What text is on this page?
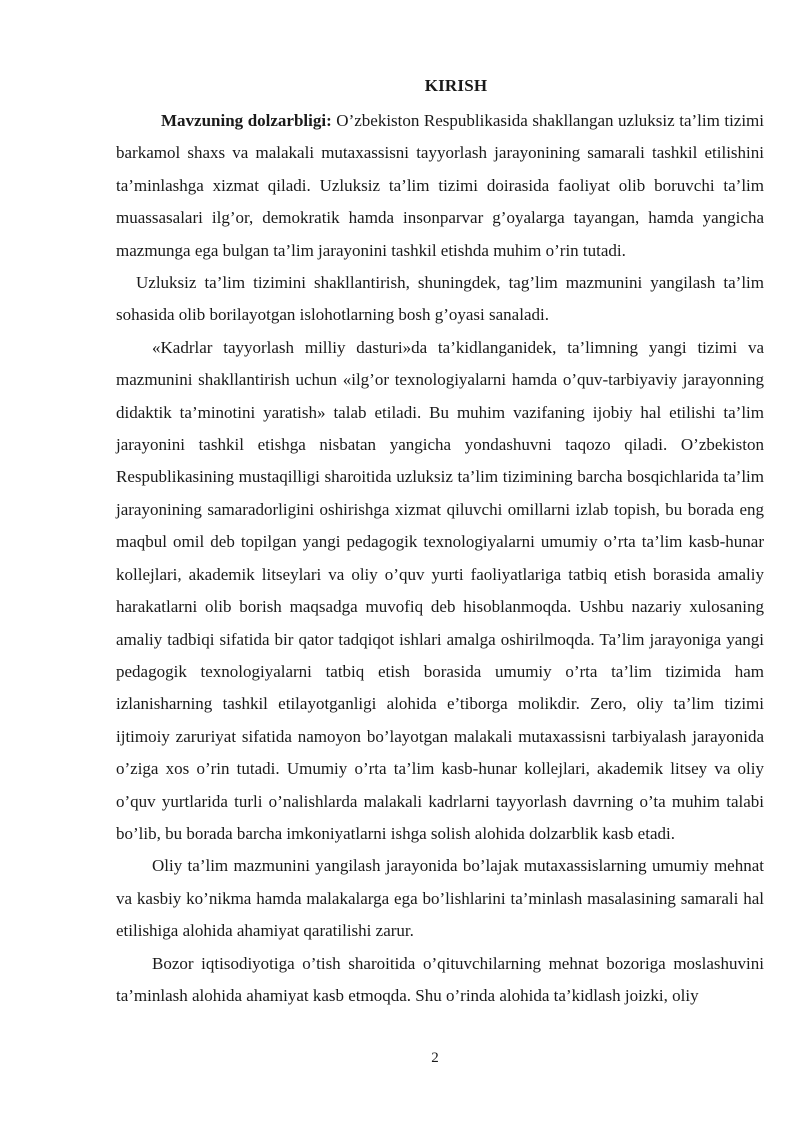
KIRISH

Mavzuning dolzarbligi: O’zbekiston Respublikasida shakllangan uzluksiz ta’lim tizimi barkamol shaxs va malakali mutaxassisni tayyorlash jarayonining samarali tashkil etilishini ta’minlashga xizmat qiladi. Uzluksiz ta’lim tizimi doirasida faoliyat olib boruvchi ta’lim muassasalari ilg’or, demokratik hamda insonparvar g’oyalarga tayangan, hamda yangicha mazmunga ega bulgan ta’lim jarayonini tashkil etishda muhim o’rin tutadi.

Uzluksiz ta’lim tizimini shakllantirish, shuningdek, tag’lim mazmunini yangilash ta’lim sohasida olib borilayotgan islohotlarning bosh g’oyasi sanaladi.

«Kadrlar tayyorlash milliy dasturi»da ta’kidlanganidek, ta’limning yangi tizimi va mazmunini shakllantirish uchun «ilg’or texnologiyalarni hamda o’quv-tarbiyaviy jarayonning didaktik ta’minotini yaratish» talab etiladi. Bu muhim vazifaning ijobiy hal etilishi ta’lim jarayonini tashkil etishga nisbatan yangicha yondashuvni taqozo qiladi. O’zbekiston Respublikasining mustaqilligi sharoitida uzluksiz ta’lim tizimining barcha bosqichlarida ta’lim jarayonining samaradorligini oshirishga xizmat qiluvchi omillarni izlab topish, bu borada eng maqbul omil deb topilgan yangi pedagogik texnologiyalarni umumiy o’rta ta’lim kasb-hunar kollejlari, akademik litseylari va oliy o’quv yurti faoliyatlariga tatbiq etish borasida amaliy harakatlarni olib borish maqsadga muvofiq deb hisoblanmoqda. Ushbu nazariy xulosaning amaliy tadbiqi sifatida bir qator tadqiqot ishlari amalga oshirilmoqda. Ta’lim jarayoniga yangi pedagogik texnologiyalarni tatbiq etish borasida umumiy o’rta ta’lim tizimida ham izlanisharning tashkil etilayotganligi alohida e’tiborga molikdir. Zero, oliy ta’lim tizimi ijtimoiy zaruriyat sifatida namoyon bo’layotgan malakali mutaxassisni tarbiyalash jarayonida o’ziga xos o’rin tutadi. Umumiy o’rta ta’lim kasb-hunar kollejlari, akademik litsey va oliy o’quv yurtlarida turli o’nalishlarda malakali kadrlarni tayyorlash davrning o’ta muhim talabi bo’lib, bu borada barcha imkoniyatlarni ishga solish alohida dolzarblik kasb etadi.

Oliy ta’lim mazmunini yangilash jarayonida bo’lajak mutaxassislarning umumiy mehnat va kasbiy ko’nikma hamda malakalarga ega bo’lishlarini ta’minlash masalasining samarali hal etilishiga alohida ahamiyat qaratilishi zarur.

Bozor iqtisodiyotiga o’tish sharoitida o’qituvchilarning mehnat bozoriga moslashuvini ta’minlash alohida ahamiyat kasb etmoqda. Shu o’rinda alohida ta’kidlash joizki, oliy

2
